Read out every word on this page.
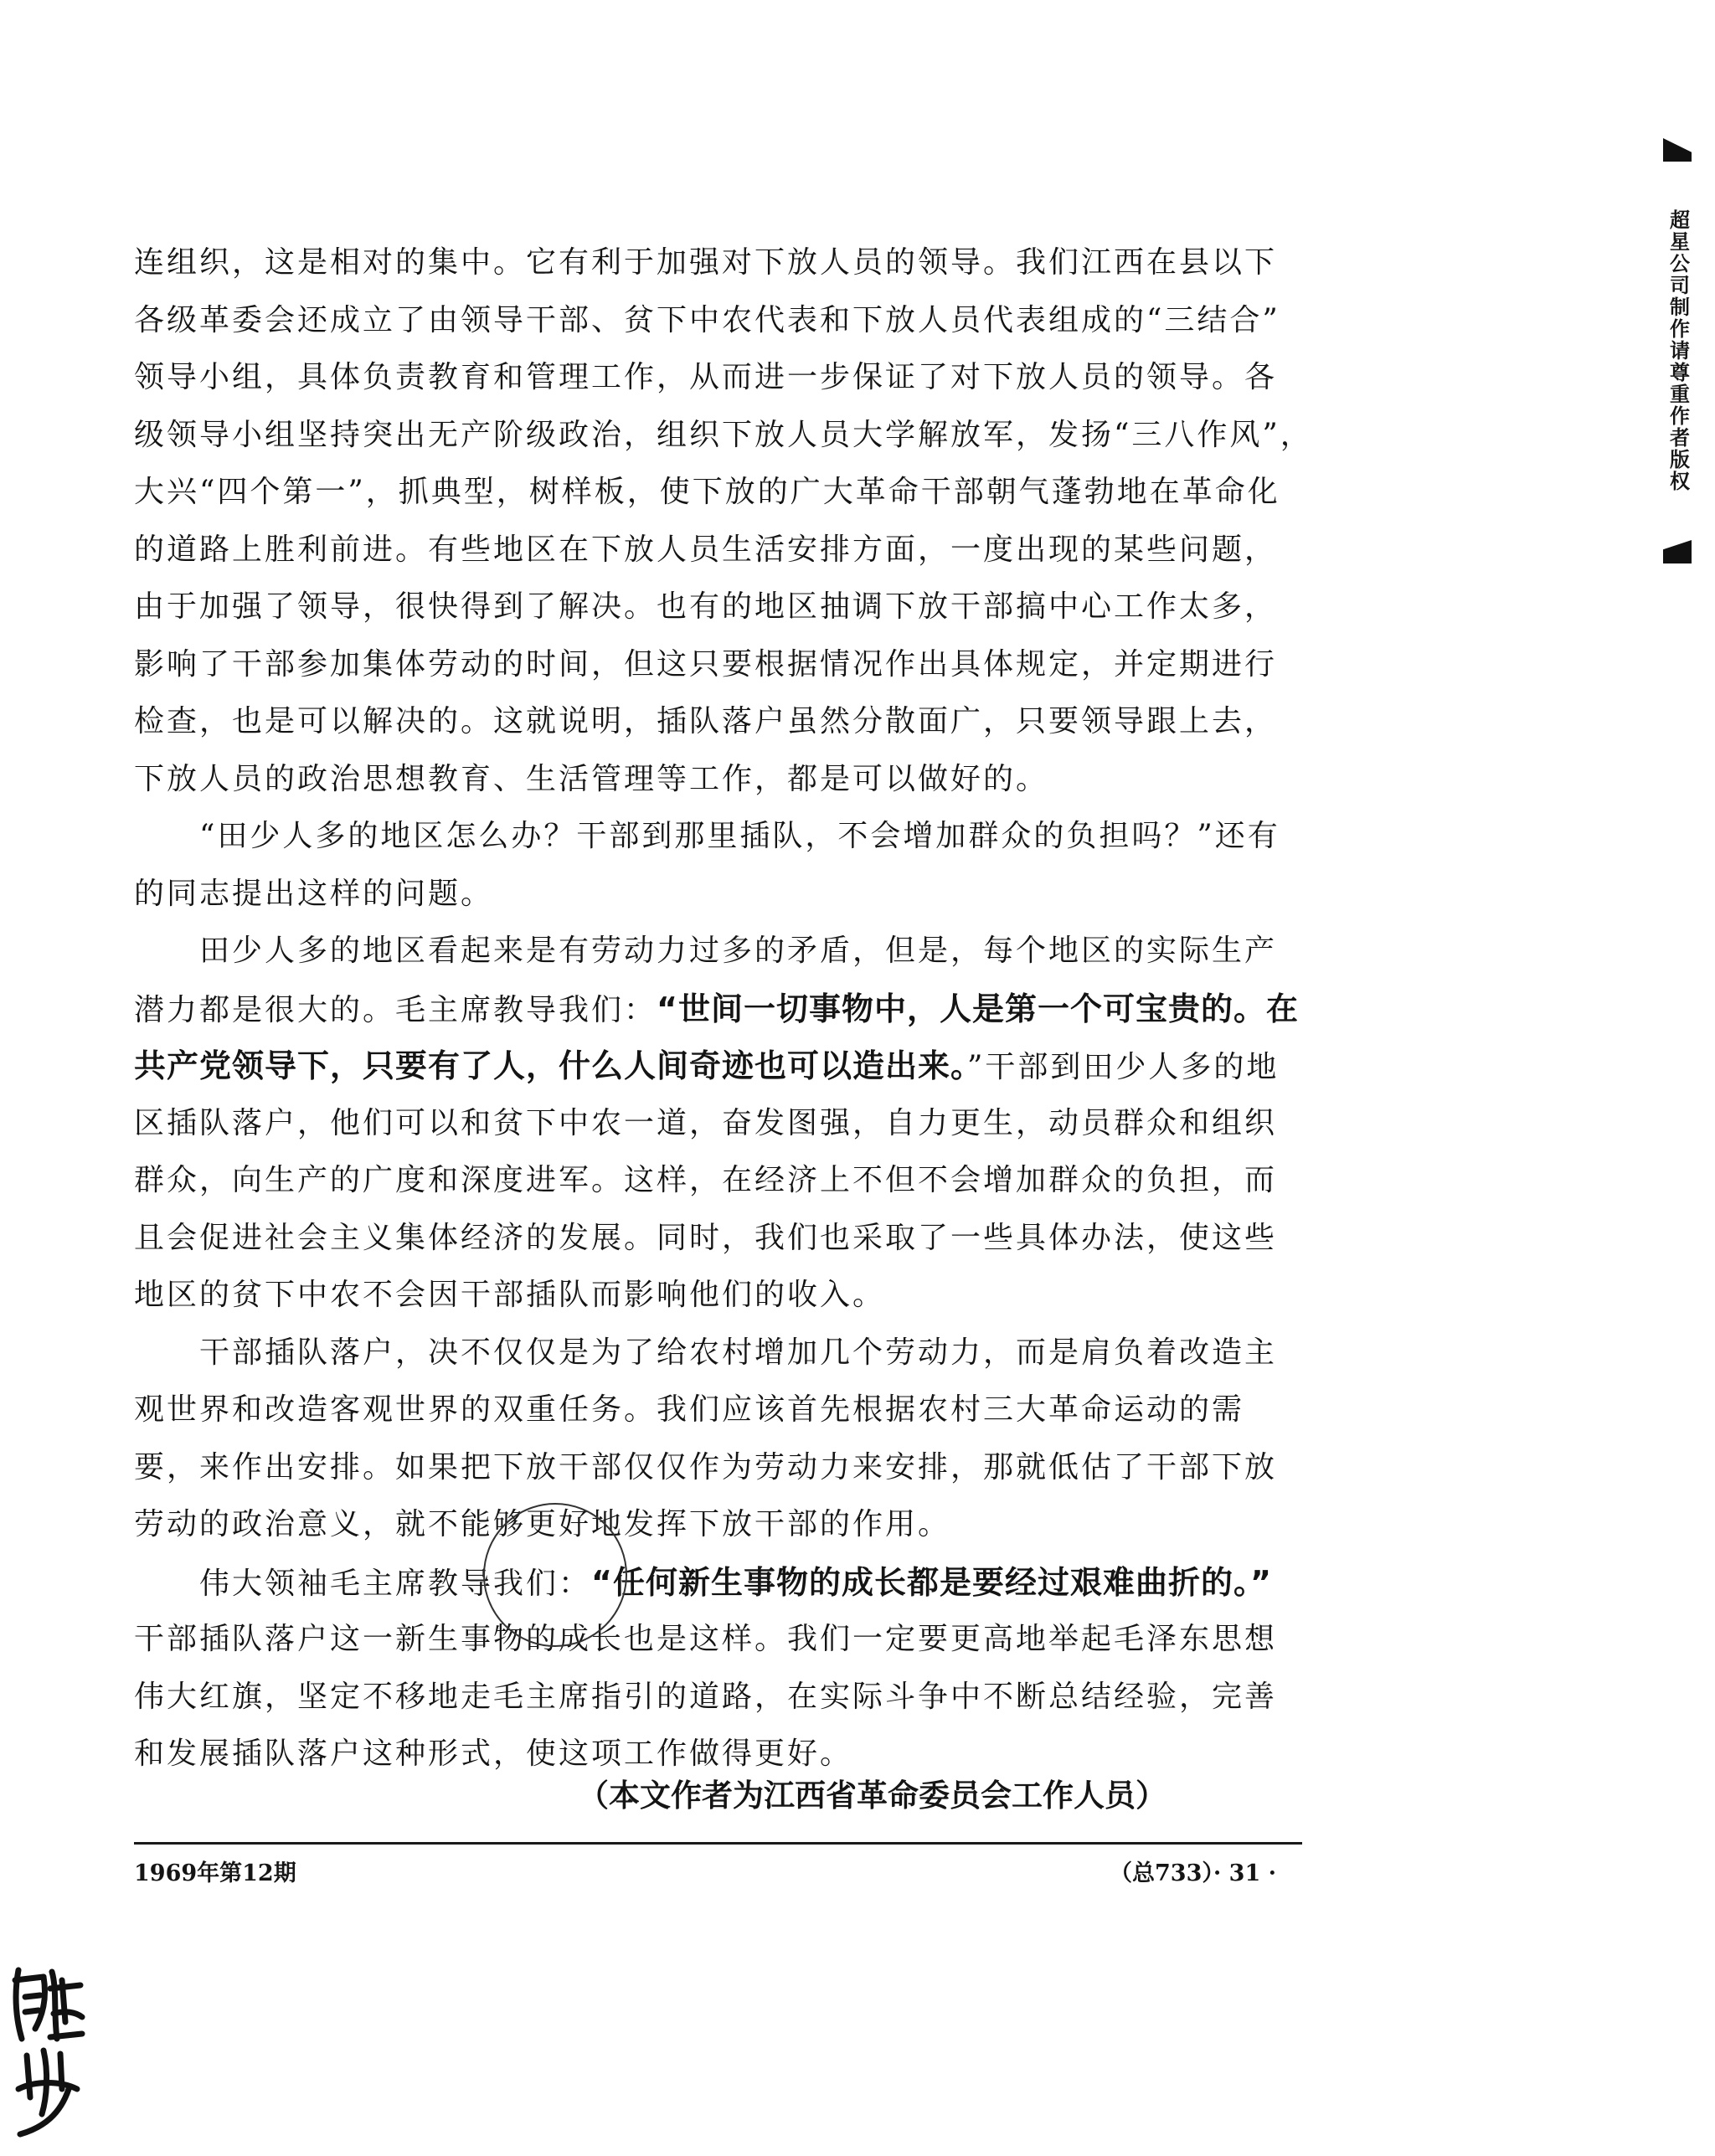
连组织，这是相对的集中。它有利于加强对下放人员的领导。我们江西在县以下
各级革委会还成立了由领导干部、贫下中农代表和下放人员代表组成的“三结合”
领导小组，具体负责教育和管理工作，从而进一步保证了对下放人员的领导。各
级领导小组坚持突出无产阶级政治，组织下放人员大学解放军，发扬“三八作风”，
大兴“四个第一”，抓典型，树样板，使下放的广大革命干部朝气蓬勃地在革命化
的道路上胜利前进。有些地区在下放人员生活安排方面，一度出现的某些问题，
由于加强了领导，很快得到了解决。也有的地区抽调下放干部搞中心工作太多，
影响了干部参加集体劳动的时间，但这只要根据情况作出具体规定，并定期进行
检查，也是可以解决的。这就说明，插队落户虽然分散面广，只要领导跟上去，
下放人员的政治思想教育、生活管理等工作，都是可以做好的。
　　“田少人多的地区怎么办？干部到那里插队，不会增加群众的负担吗？”还有
的同志提出这样的问题。
　　田少人多的地区看起来是有劳动力过多的矛盾，但是，每个地区的实际生产
潜力都是很大的。毛主席教导我们：“世间一切事物中，人是第一个可宝贵的。在
共产党领导下，只要有了人，什么人间奇迹也可以造出来。”干部到田少人多的地
区插队落户，他们可以和贫下中农一道，奋发图强，自力更生，动员群众和组织
群众，向生产的广度和深度进军。这样，在经济上不但不会增加群众的负担，而
且会促进社会主义集体经济的发展。同时，我们也采取了一些具体办法，使这些
地区的贫下中农不会因干部插队而影响他们的收入。
　　干部插队落户，决不仅仅是为了给农村增加几个劳动力，而是肩负着改造主
观世界和改造客观世界的双重任务。我们应该首先根据农村三大革命运动的需
要，来作出安排。如果把下放干部仅仅作为劳动力来安排，那就低估了干部下放
劳动的政治意义，就不能够更好地发挥下放干部的作用。
　　伟大领袖毛主席教导我们：“任何新生事物的成长都是要经过艰难曲折的。”
干部插队落户这一新生事物的成长也是这样。我们一定要更高地举起毛泽东思想
伟大红旗，坚定不移地走毛主席指引的道路，在实际斗争中不断总结经验，完善
和发展插队落户这种形式，使这项工作做得更好。
（本文作者为江西省革命委员会工作人员）
1969年第12期	（总733）· 31 ·
超星公司制作请尊重作者版权
